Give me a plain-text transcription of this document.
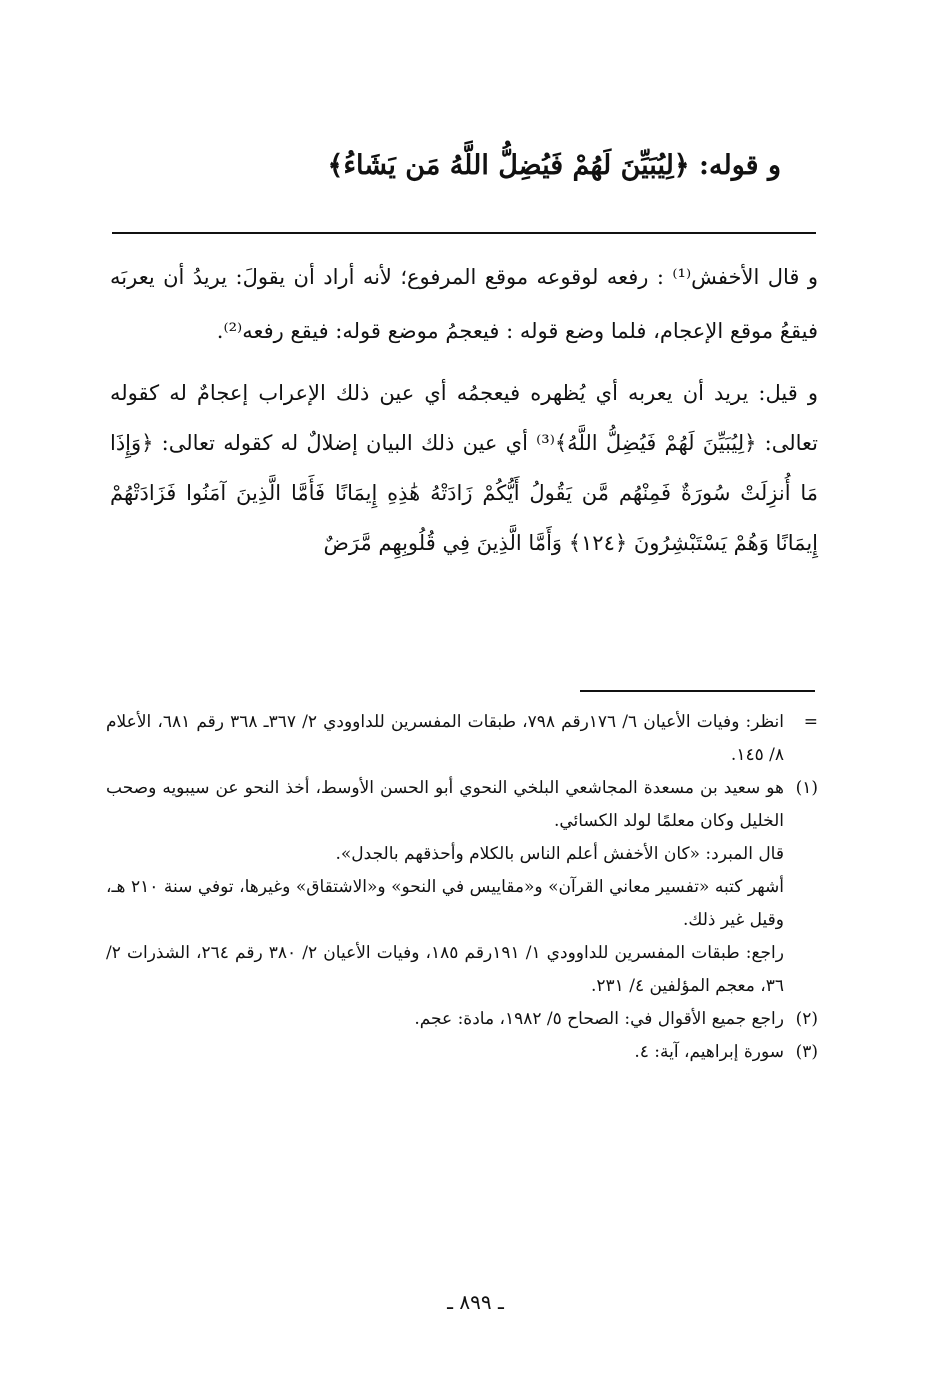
و قوله: ﴿لِيُبَيِّنَ لَهُمْ فَيُضِلُّ اللَّهُ مَن يَشَاءُ﴾

و قال الأخفش⁽¹⁾ : رفعه لوقوعه موقع المرفوع؛ لأنه أراد أن يقولَ: يريدُ أن يعربَه فيقعُ موقع الإعجام، فلما وضع قوله : فيعجمُ موضع قوله: فيقع رفعه⁽²⁾.

و قيل: يريد أن يعربه أي يُظهره فيعجمُه أي عين ذلك الإعراب إعجامٌ له كقوله تعالى: ﴿لِيُبَيِّنَ لَهُمْ فَيُضِلُّ اللَّهُ﴾⁽³⁾ أي عين ذلك البيان إضلالٌ له كقوله تعالى: ﴿وَإِذَا مَا أُنزِلَتْ سُورَةٌ فَمِنْهُم مَّن يَقُولُ أَيُّكُمْ زَادَتْهُ هَٰذِهِ إِيمَانًا فَأَمَّا الَّذِينَ آمَنُوا فَزَادَتْهُمْ إِيمَانًا وَهُمْ يَسْتَبْشِرُونَ ﴿١٢٤﴾ وَأَمَّا الَّذِينَ فِي قُلُوبِهِم مَّرَضٌ

=

انظر: وفيات الأعيان ٦/ ١٧٦رقم ٧٩٨، طبقات المفسرين للداوودي ٢/ ٣٦٧ـ ٣٦٨ رقم ٦٨١، الأعلام ٨/ ١٤٥.

(١)

هو سعيد بن مسعدة المجاشعي البلخي النحوي أبو الحسن الأوسط، أخذ النحو عن سيبويه وصحب الخليل وكان معلمًا لولد الكسائي.

قال المبرد: «كان الأخفش أعلم الناس بالكلام وأحذقهم بالجدل».

أشهر كتبه «تفسير معاني القرآن» و«مقاييس في النحو» و«الاشتقاق» وغيرها، توفي سنة ٢١٠ هـ، وقيل غير ذلك.

راجع: طبقات المفسرين للداوودي ١/ ١٩١رقم ١٨٥، وفيات الأعيان ٢/ ٣٨٠ رقم ٢٦٤، الشذرات ٢/ ٣٦، معجم المؤلفين ٤/ ٢٣١.

(٢)

راجع جميع الأقوال في: الصحاح ٥/ ١٩٨٢، مادة: عجم.

(٣)

سورة إبراهيم، آية: ٤.

ـ ٨٩٩ ـ
